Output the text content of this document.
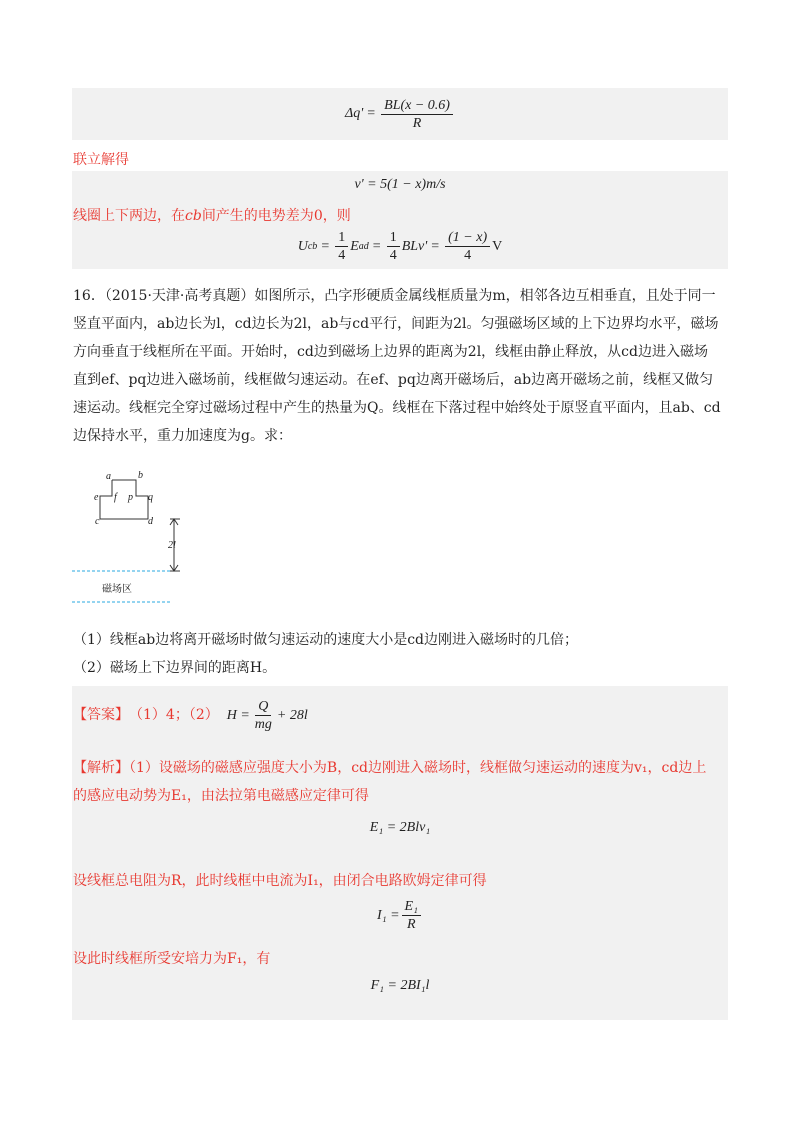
$\Delta q' = \frac{BL(x - 0.6)}{R}$
联立解得
v' = 5(1 − x)m/s
线圈上下两边，在cb间产生的电势差为0，则
U cb = $\frac{1}{4}$ E ad = $\frac{1}{4} BLv' = \frac{(1 - x)}{4}$ V
16．（2015·天津·高考真题）如图所示，凸字形硬质金属线框质量为m，相邻各边互相垂直，且处于同一
竖直平面内，ab边长为l，cd边长为2l，ab与cd平行，间距为2l。匀强磁场区域的上下边界均水平，磁场
方向垂直于线框所在平面。开始时，cd边到磁场上边界的距离为2l，线框由静止释放，从cd边进入磁场
直到ef、pq边进入磁场前，线框做匀速运动。在ef、pq边离开磁场后，ab边离开磁场之前，线框又做匀
速运动。线框完全穿过磁场过程中产生的热量为Q。线框在下落过程中始终处于原竖直平面内，且ab、cd
边保持水平，重力加速度为g。求：
a	b
e f p q
c	d
2l
磁场区
（1）线框ab边将离开磁场时做匀速运动的速度大小是cd边刚进入磁场时的几倍；
（2）磁场上下边界间的距离H。
【答案】 （1）4；（2） $H = \frac{Q}{mg} + 28l$
【解析】（1）设磁场的磁感应强度大小为B，cd边刚进入磁场时，线框做匀速运动的速度为v₁，cd边上
的感应电动势为E₁，由法拉第电磁感应定律可得
E₁ = 2Blv₁
设线框总电阻为R，此时线框中电流为I₁，由闭合电路欧姆定律可得
$I_1 = \frac{\text{E₁}}{R}$
设此时线框所受安培力为F₁，有
F₁ = 2BI₁l
